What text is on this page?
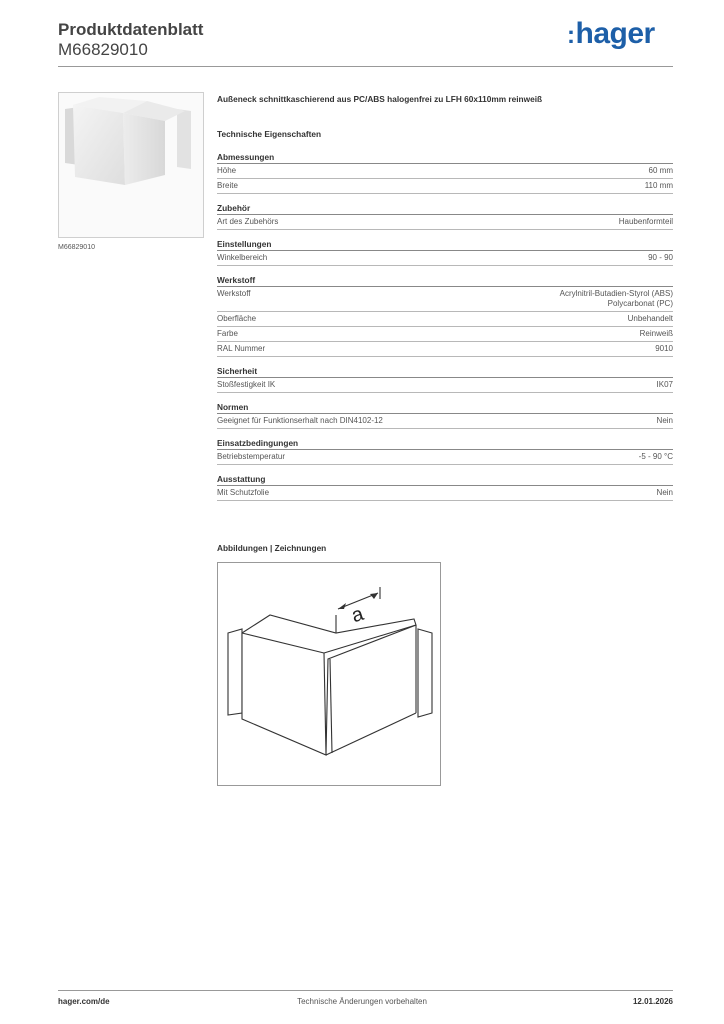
Produktdatenblatt
M66829010
:hager
M66829010
Außeneck schnittkaschierend aus PC/ABS halogenfrei zu LFH 60x110mm reinweiß
Technische Eigenschaften
Abmessungen
Höhe	60 mm
Breite	110 mm
Zubehör
Art des Zubehörs	Haubenformteil
Einstellungen
Winkelbereich	90 - 90
Werkstoff
Werkstoff	Acrylnitril-Butadien-Styrol (ABS)
Polycarbonat (PC)
Oberfläche	Unbehandelt
Farbe	Reinweiß
RAL Nummer	9010
Sicherheit
Stoßfestigkeit IK	IK07
Normen
Geeignet für Funktionserhalt nach DIN4102-12	Nein
Einsatzbedingungen
Betriebstemperatur	-5 - 90 °C
Ausstattung
Mit Schutzfolie	Nein
Abbildungen | Zeichnungen
a
hager.com/de	Technische Änderungen vorbehalten	12.01.2026
